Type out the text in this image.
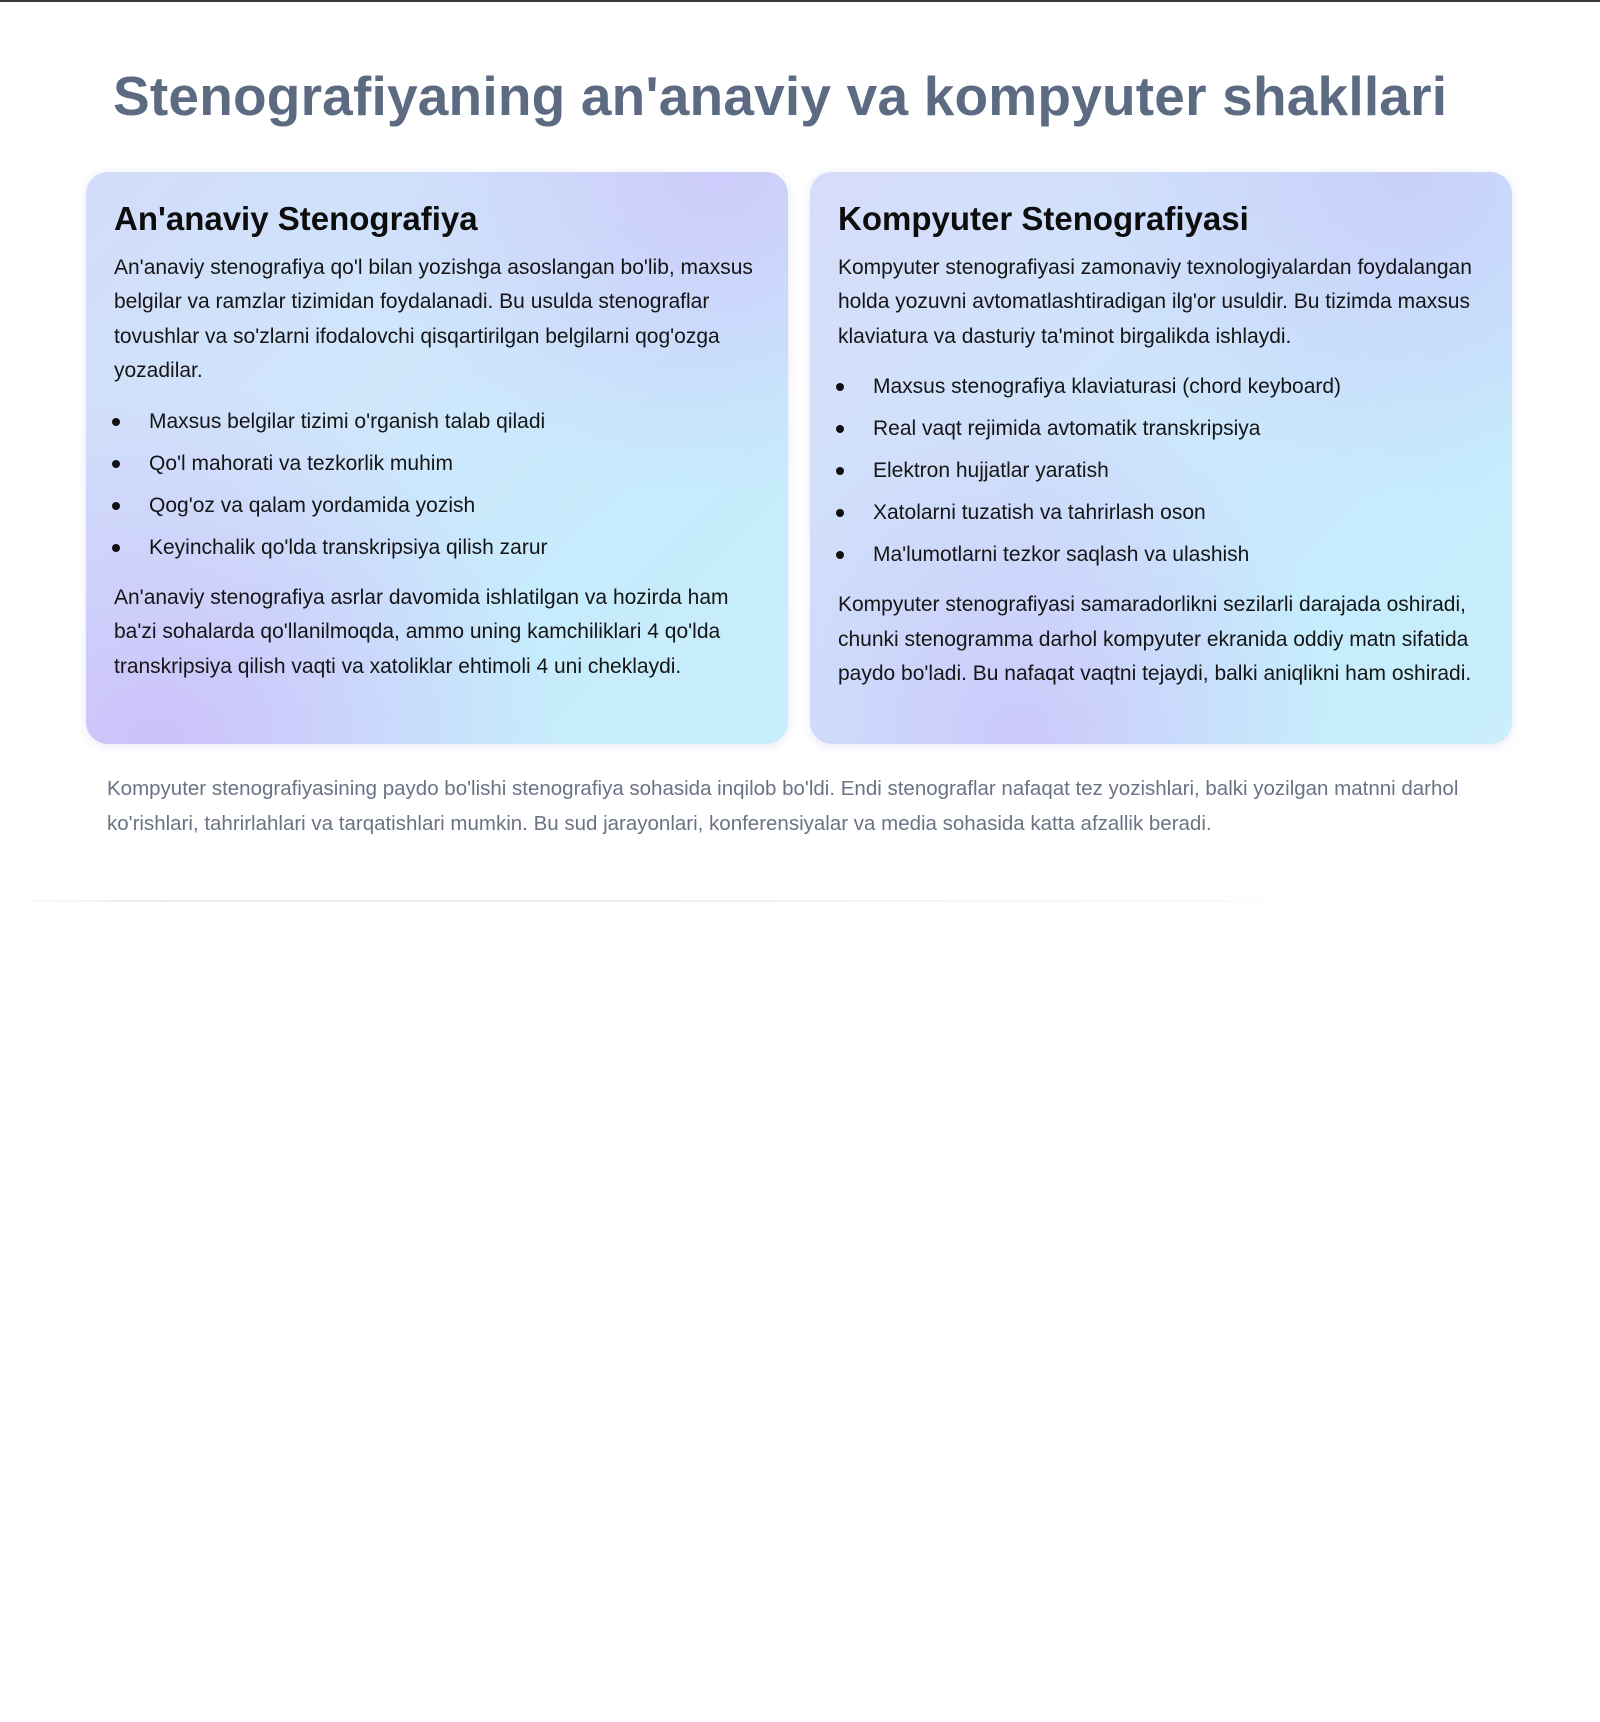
Stenografiyaning an'anaviy va kompyuter shakllari
An'anaviy Stenografiya

An'anaviy stenografiya qo'l bilan yozishga asoslangan bo'lib, maxsus belgilar va ramzlar tizimidan foydalanadi. Bu usulda stenograflar tovushlar va so'zlarni ifodalovchi qisqartirilgan belgilarni qog'ozga yozadilar.

Maxsus belgilar tizimi o'rganish talab qiladi
Qo'l mahorati va tezkorlik muhim
Qog'oz va qalam yordamida yozish
Keyinchalik qo'lda transkripsiya qilish zarur

An'anaviy stenografiya asrlar davomida ishlatilgan va hozirda ham ba'zi sohalarda qo'llanilmoqda, ammo uning kamchiliklari 4 qo'lda transkripsiya qilish vaqti va xatoliklar ehtimoli 4 uni cheklaydi.

Kompyuter Stenografiyasi

Kompyuter stenografiyasi zamonaviy texnologiyalardan foydalangan holda yozuvni avtomatlashtiradigan ilg'or usuldir. Bu tizimda maxsus klaviatura va dasturiy ta'minot birgalikda ishlaydi.

Maxsus stenografiya klaviaturasi (chord keyboard)
Real vaqt rejimida avtomatik transkripsiya
Elektron hujjatlar yaratish
Xatolarni tuzatish va tahrirlash oson
Ma'lumotlarni tezkor saqlash va ulashish

Kompyuter stenografiyasi samaradorlikni sezilarli darajada oshiradi, chunki stenogramma darhol kompyuter ekranida oddiy matn sifatida paydo bo'ladi. Bu nafaqat vaqtni tejaydi, balki aniqlikni ham oshiradi.

Kompyuter stenografiyasining paydo bo'lishi stenografiya sohasida inqilob bo'ldi. Endi stenograflar nafaqat tez yozishlari, balki yozilgan matnni darhol ko'rishlari, tahrirlahlari va tarqatishlari mumkin. Bu sud jarayonlari, konferensiyalar va media sohasida katta afzallik beradi.
